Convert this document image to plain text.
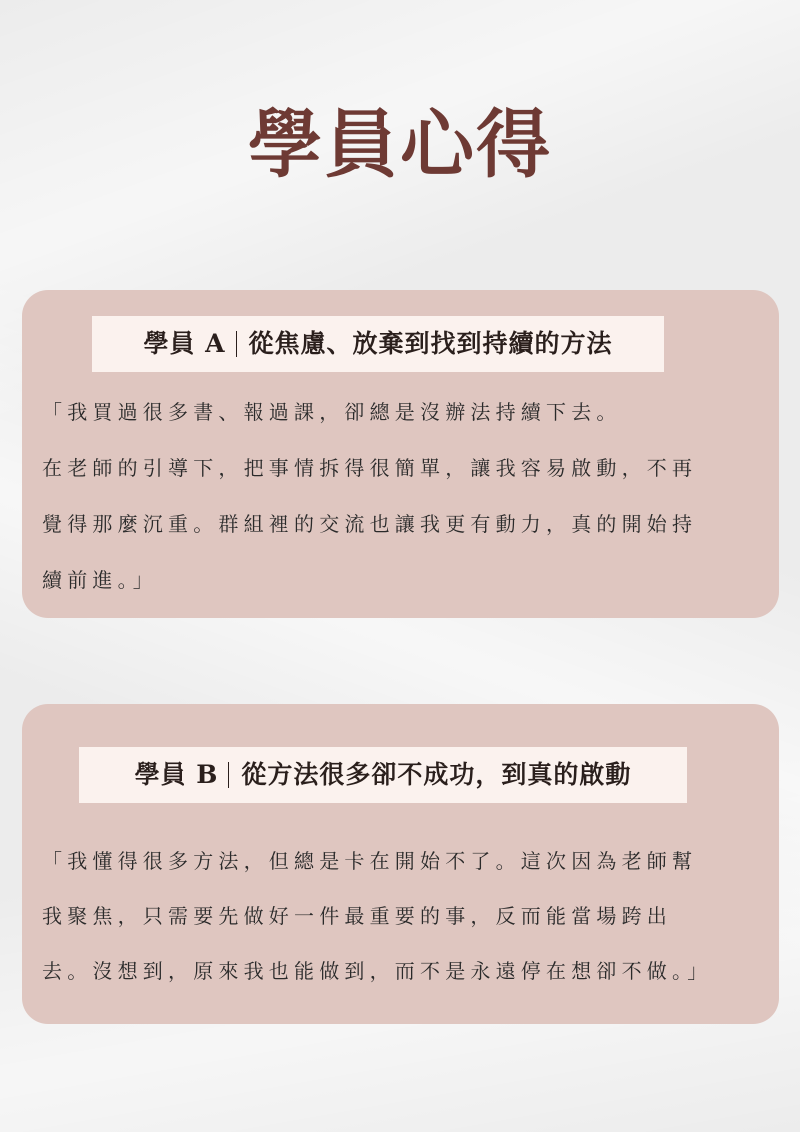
學員心得
學員 A 從焦慮、放棄到找到持續的方法
「我買過很多書、報過課，卻總是沒辦法持續下去。
在老師的引導下，把事情拆得很簡單，讓我容易啟動，不再
覺得那麼沉重。群組裡的交流也讓我更有動力，真的開始持
續前進。」
學員 B 從方法很多卻不成功，到真的啟動
「我懂得很多方法，但總是卡在開始不了。這次因為老師幫
我聚焦，只需要先做好一件最重要的事，反而能當場跨出
去。沒想到，原來我也能做到，而不是永遠停在想卻不做。」
